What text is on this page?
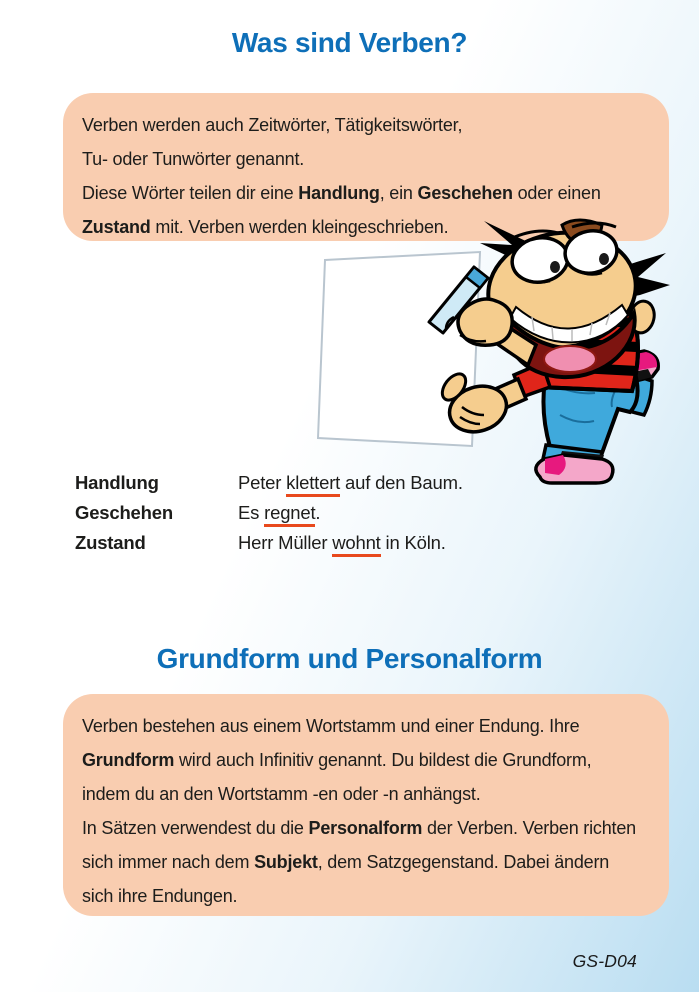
Was sind Verben?
Verben werden auch Zeitwörter, Tätigkeitswörter,
Tu- oder Tunwörter genannt.
Diese Wörter teilen dir eine Handlung, ein Geschehen oder einen
Zustand mit. Verben werden kleingeschrieben.
Handlung	Peter klettert auf den Baum.
Geschehen	Es regnet.
Zustand	Herr Müller wohnt in Köln.
Grundform und Personalform
Verben bestehen aus einem Wortstamm und einer Endung. Ihre
Grundform wird auch Infinitiv genannt. Du bildest die Grundform,
indem du an den Wortstamm -en oder -n anhängst.
In Sätzen verwendest du die Personalform der Verben. Verben richten
sich immer nach dem Subjekt, dem Satzgegenstand. Dabei ändern
sich ihre Endungen.
GS-D04
